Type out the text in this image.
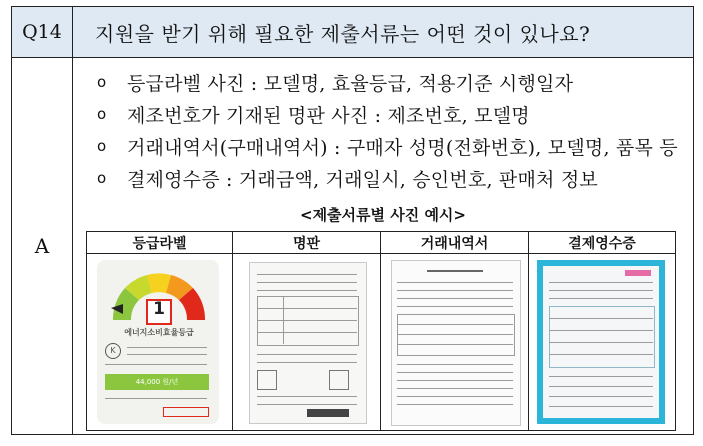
Q14	지원을 받기 위해 필요한 제출서류는 어떤 것이 있나요?
A
o	등급라벨 사진 : 모델명, 효율등급, 적용기준 시행일자
o	제조번호가 기재된 명판 사진 : 제조번호, 모델명
o	거래내역서(구매내역서) : 구매자 성명(전화번호), 모델명, 품목 등
o	결제영수증 : 거래금액, 거래일시, 승인번호, 판매처 정보
<제출서류별 사진 예시>
등급라벨	명판	거래내역서	결제영수증
1
에너지소비효율등급
K
44,000 원/년
